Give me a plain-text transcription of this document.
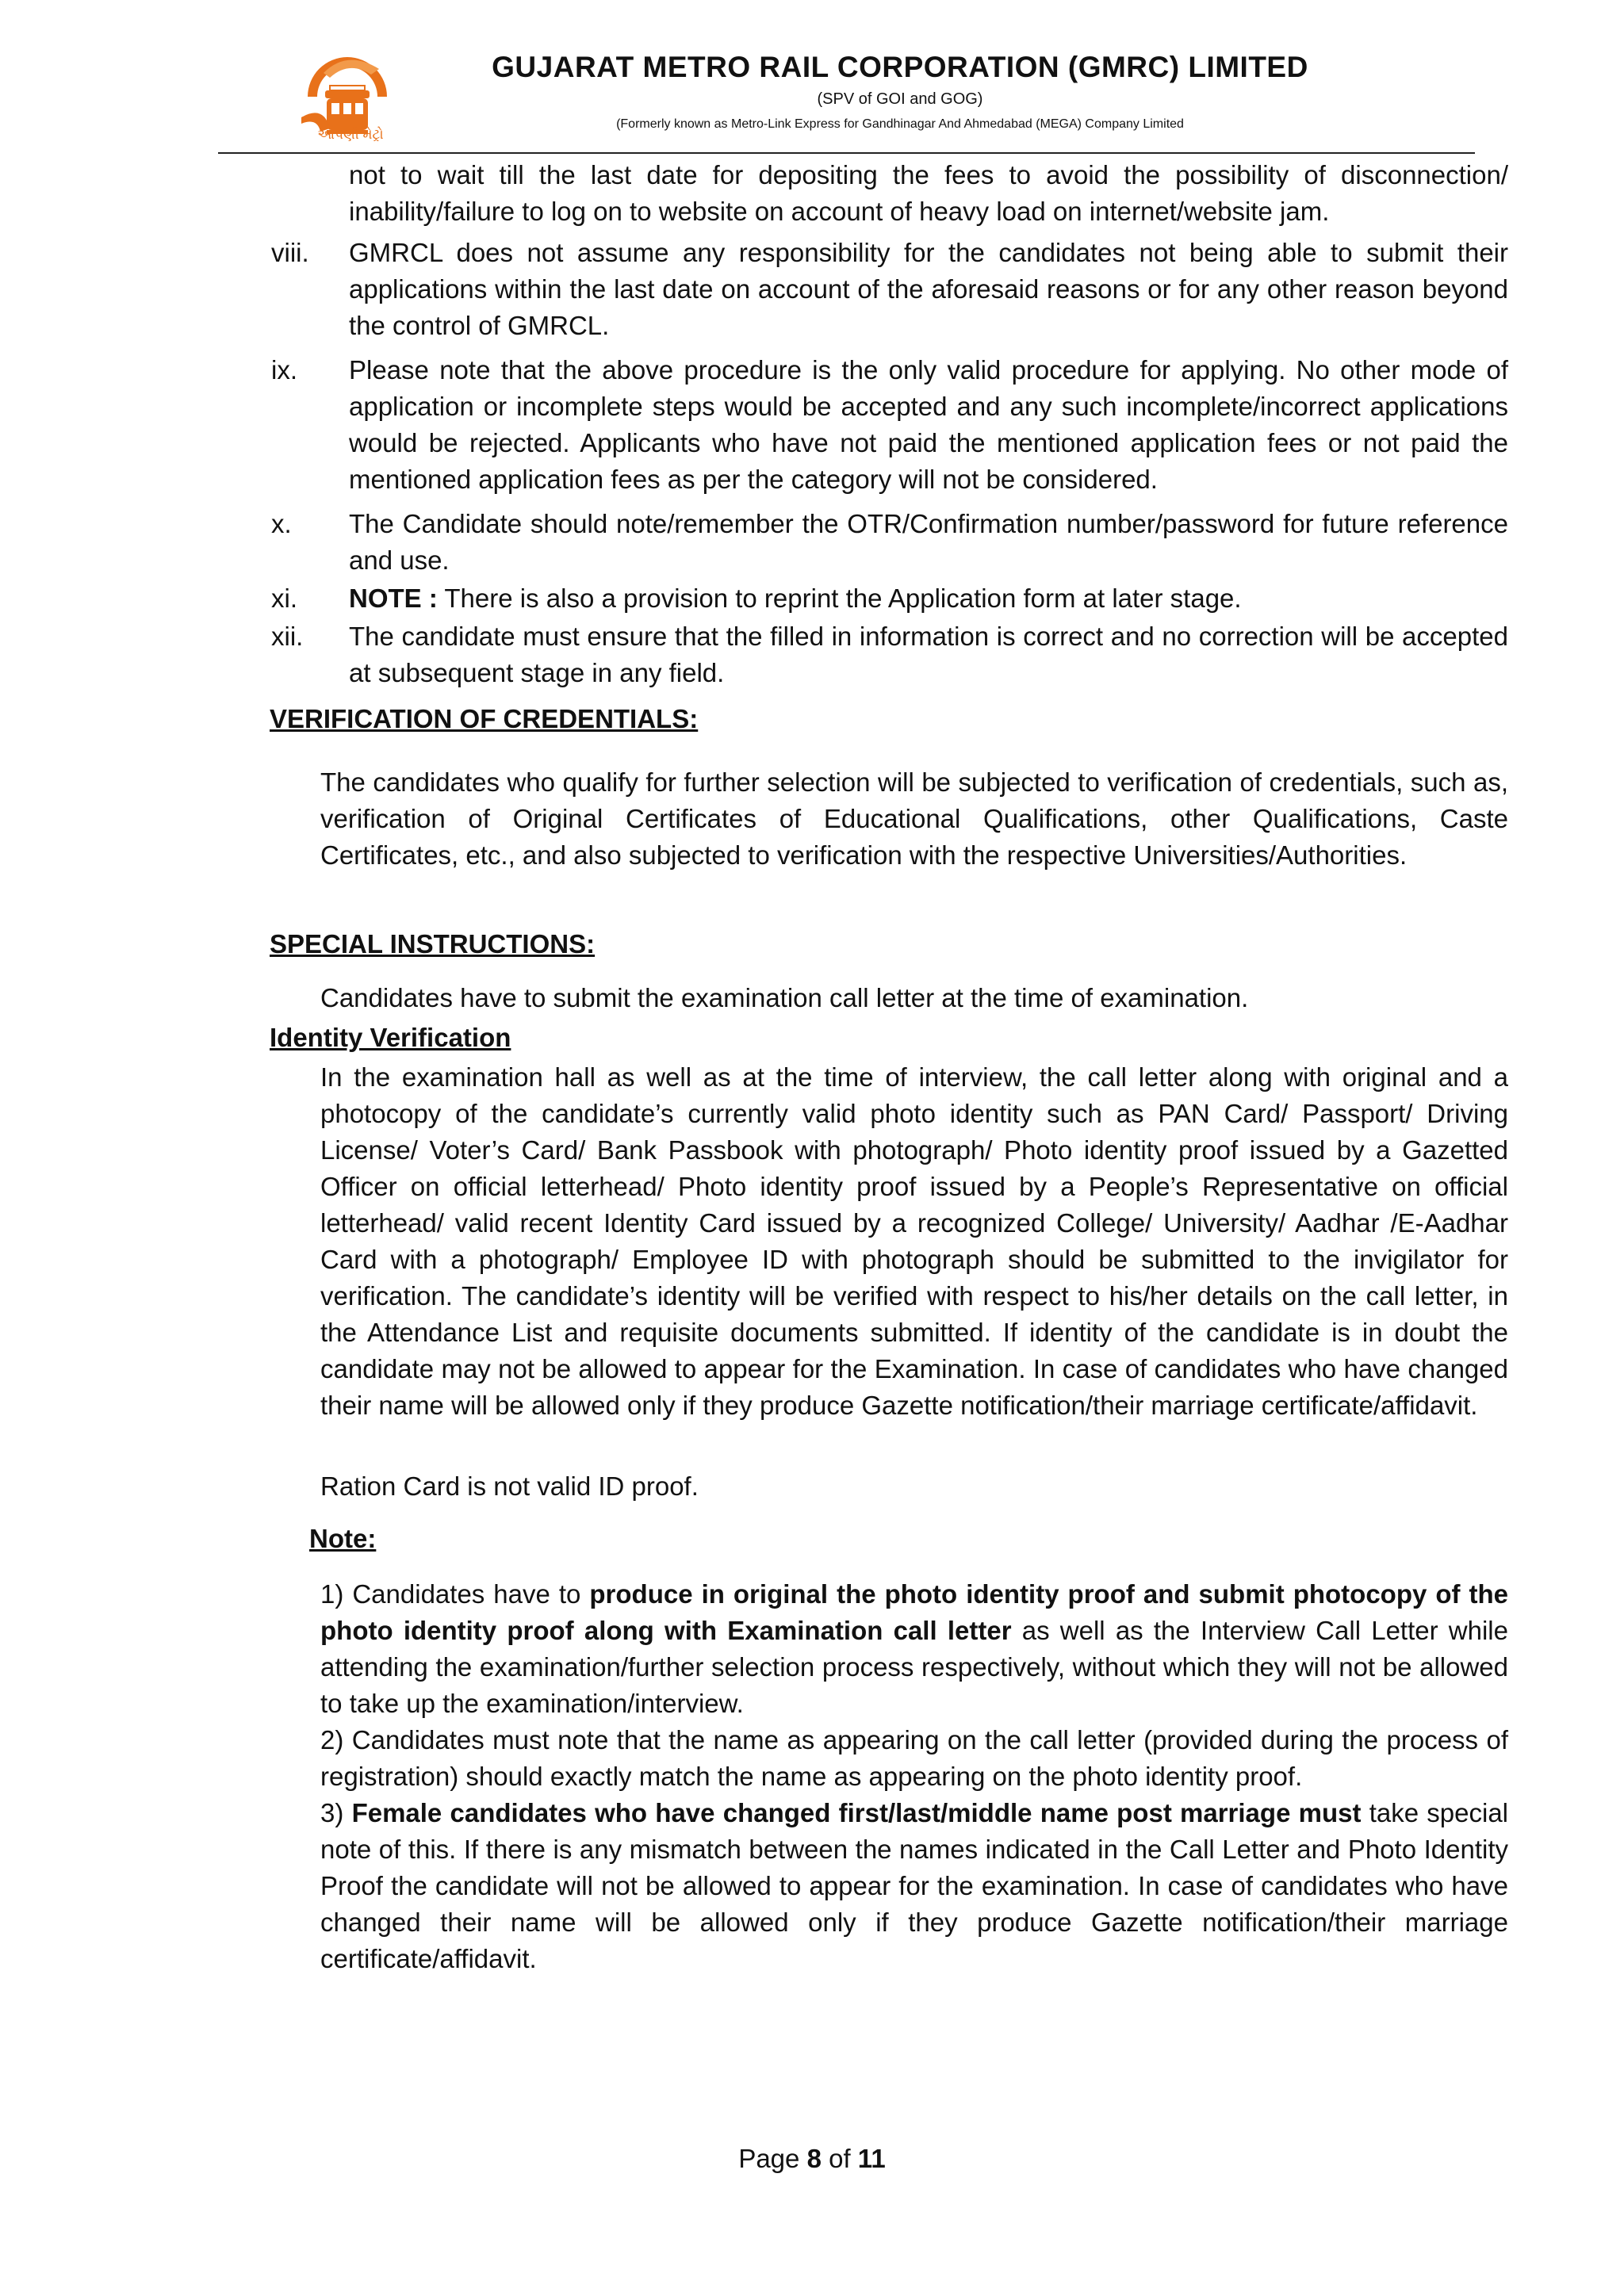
આપણી મેટ્રો
GUJARAT METRO RAIL CORPORATION (GMRC) LIMITED
(SPV of GOI and GOG)
(Formerly known as Metro-Link Express for Gandhinagar And Ahmedabad (MEGA) Company Limited
not to wait till the last date for depositing the fees to avoid the possibility of disconnection/ inability/failure to log on to website on account of heavy load on internet/website jam.
viii. GMRCL does not assume any responsibility for the candidates not being able to submit their applications within the last date on account of the aforesaid reasons or for any other reason beyond the control of GMRCL.
ix. Please note that the above procedure is the only valid procedure for applying. No other mode of application or incomplete steps would be accepted and any such incomplete/incorrect applications would be rejected. Applicants who have not paid the mentioned application fees or not paid the mentioned application fees as per the category will not be considered.
x. The Candidate should note/remember the OTR/Confirmation number/password for future reference and use.
xi. NOTE : There is also a provision to reprint the Application form at later stage.
xii. The candidate must ensure that the filled in information is correct and no correction will be accepted at subsequent stage in any field.
VERIFICATION OF CREDENTIALS:
The candidates who qualify for further selection will be subjected to verification of credentials, such as, verification of Original Certificates of Educational Qualifications, other Qualifications, Caste Certificates, etc., and also subjected to verification with the respective Universities/Authorities.
SPECIAL INSTRUCTIONS:
Candidates have to submit the examination call letter at the time of examination.
Identity Verification
In the examination hall as well as at the time of interview, the call letter along with original and a photocopy of the candidate’s currently valid photo identity such as PAN Card/ Passport/ Driving License/ Voter’s Card/ Bank Passbook with photograph/ Photo identity proof issued by a Gazetted Officer on official letterhead/ Photo identity proof issued by a People’s Representative on official letterhead/ valid recent Identity Card issued by a recognized College/ University/ Aadhar /E-Aadhar Card with a photograph/ Employee ID with photograph should be submitted to the invigilator for verification. The candidate’s identity will be verified with respect to his/her details on the call letter, in the Attendance List and requisite documents submitted. If identity of the candidate is in doubt the candidate may not be allowed to appear for the Examination. In case of candidates who have changed their name will be allowed only if they produce Gazette notification/their marriage certificate/affidavit.
Ration Card is not valid ID proof.
Note:
1) Candidates have to produce in original the photo identity proof and submit photocopy of the photo identity proof along with Examination call letter as well as the Interview Call Letter while attending the examination/further selection process respectively, without which they will not be allowed to take up the examination/interview.
2) Candidates must note that the name as appearing on the call letter (provided during the process of registration) should exactly match the name as appearing on the photo identity proof.
3) Female candidates who have changed first/last/middle name post marriage must take special note of this. If there is any mismatch between the names indicated in the Call Letter and Photo Identity Proof the candidate will not be allowed to appear for the examination. In case of candidates who have changed their name will be allowed only if they produce Gazette notification/their marriage certificate/affidavit.
Page 8 of 11
